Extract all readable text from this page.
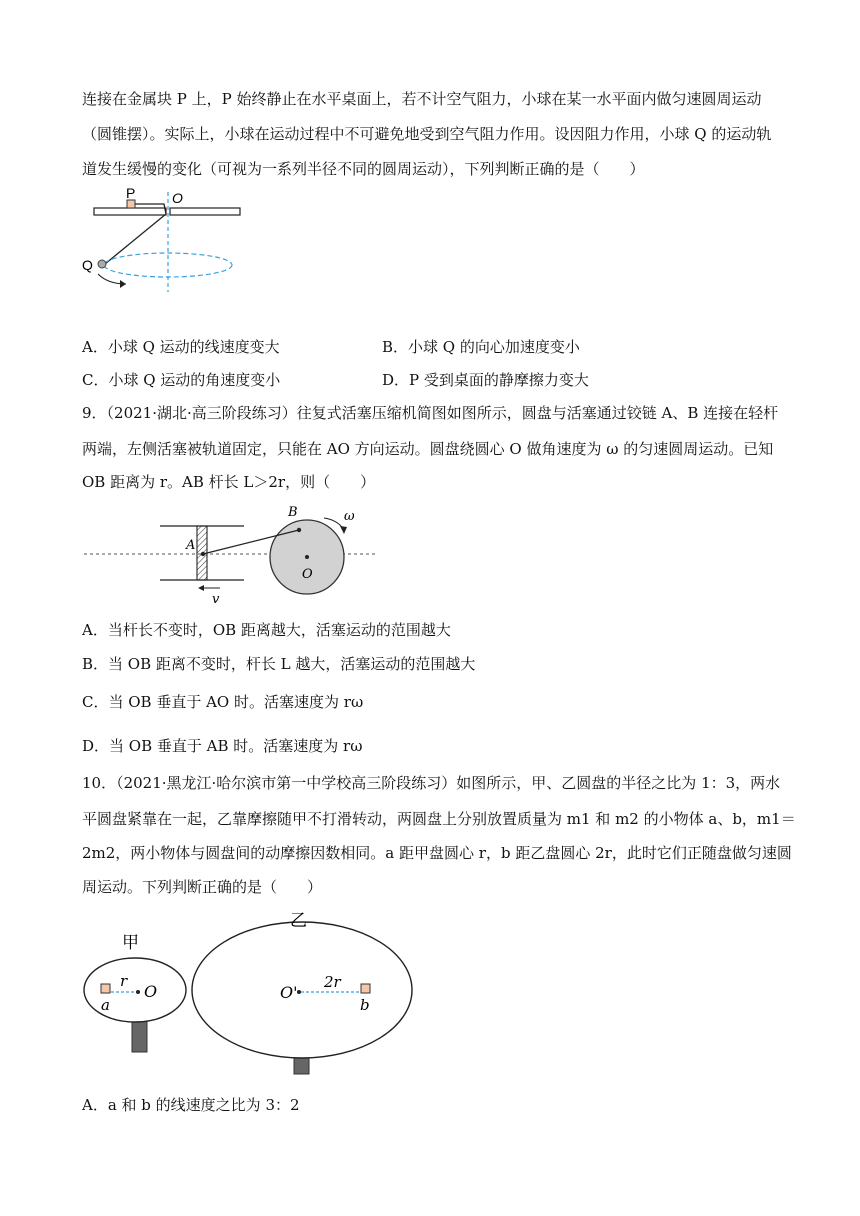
连接在金属块 P 上，P 始终静止在水平桌面上，若不计空气阻力，小球在某一水平面内做匀速圆周运动
（圆锥摆）。实际上，小球在运动过程中不可避免地受到空气阻力作用。设因阻力作用，小球 Q 的运动轨
道发生缓慢的变化（可视为一系列半径不同的圆周运动），下列判断正确的是（　　）
P	O
Q
A．小球 Q 运动的线速度变大	B．小球 Q 的向心加速度变小
C．小球 Q 运动的角速度变小	D．P 受到桌面的静摩擦力变大
9．（2021·湖北·高三阶段练习）往复式活塞压缩机简图如图所示，圆盘与活塞通过铰链 A、B 连接在轻杆
两端，左侧活塞被轨道固定，只能在 AO 方向运动。圆盘绕圆心 O 做角速度为 ω 的匀速圆周运动。已知
OB 距离为 r。AB 杆长 L＞2r，则（　　）
A
B
O
ω
v
A．当杆长不变时，OB 距离越大，活塞运动的范围越大
B．当 OB 距离不变时，杆长 L 越大，活塞运动的范围越大
C．当 OB 垂直于 AO 时。活塞速度为 rω
D．当 OB 垂直于 AB 时。活塞速度为 rω
10．（2021·黑龙江·哈尔滨市第一中学校高三阶段练习）如图所示，甲、乙圆盘的半径之比为 1：3，两水
平圆盘紧靠在一起，乙靠摩擦随甲不打滑转动，两圆盘上分别放置质量为 m1 和 m2 的小物体 a、b，m1＝
2m2，两小物体与圆盘间的动摩擦因数相同。a 距甲盘圆心 r，b 距乙盘圆心 2r，此时它们正随盘做匀速圆
周运动。下列判断正确的是（　　）
甲
乙
r	2r
O	O'
a	b
A．a 和 b 的线速度之比为 3：2
